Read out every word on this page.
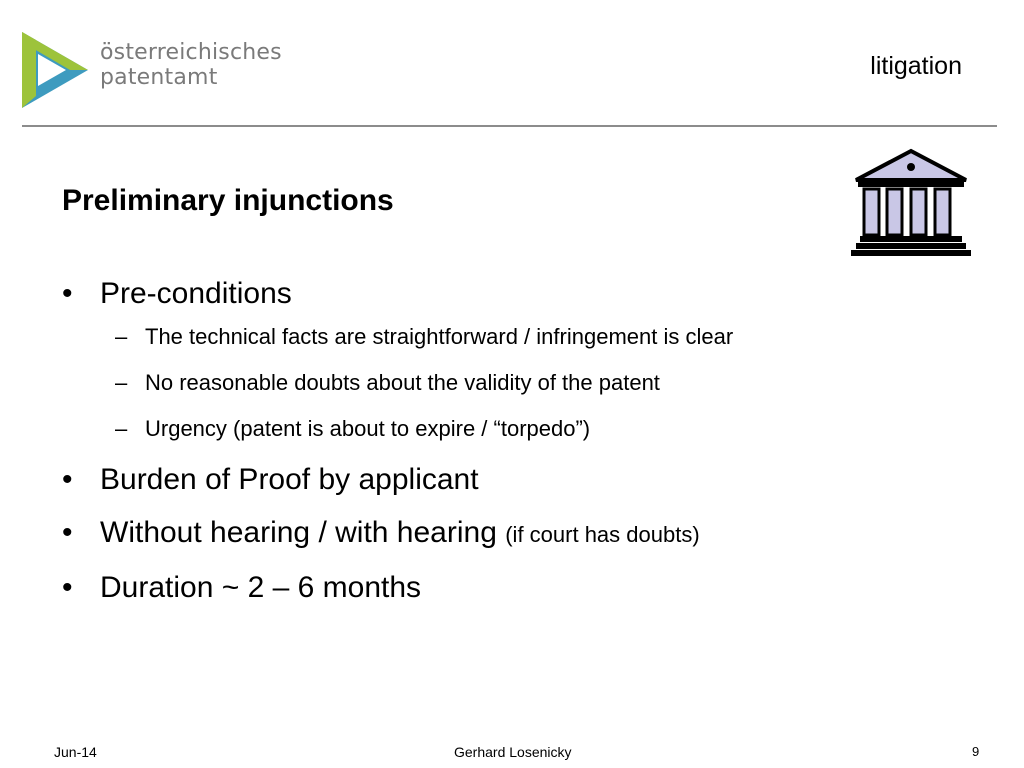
österreichisches
patentamt	litigation
Preliminary injunctions
• Pre-conditions
– The technical facts are straightforward / infringement is clear
– No reasonable doubts about the validity of the patent
– Urgency (patent is about to expire / “torpedo”)
• Burden of Proof by applicant
• Without hearing / with hearing (if court has doubts)
• Duration ~ 2 – 6 months
Jun-14	Gerhard Losenicky	9
